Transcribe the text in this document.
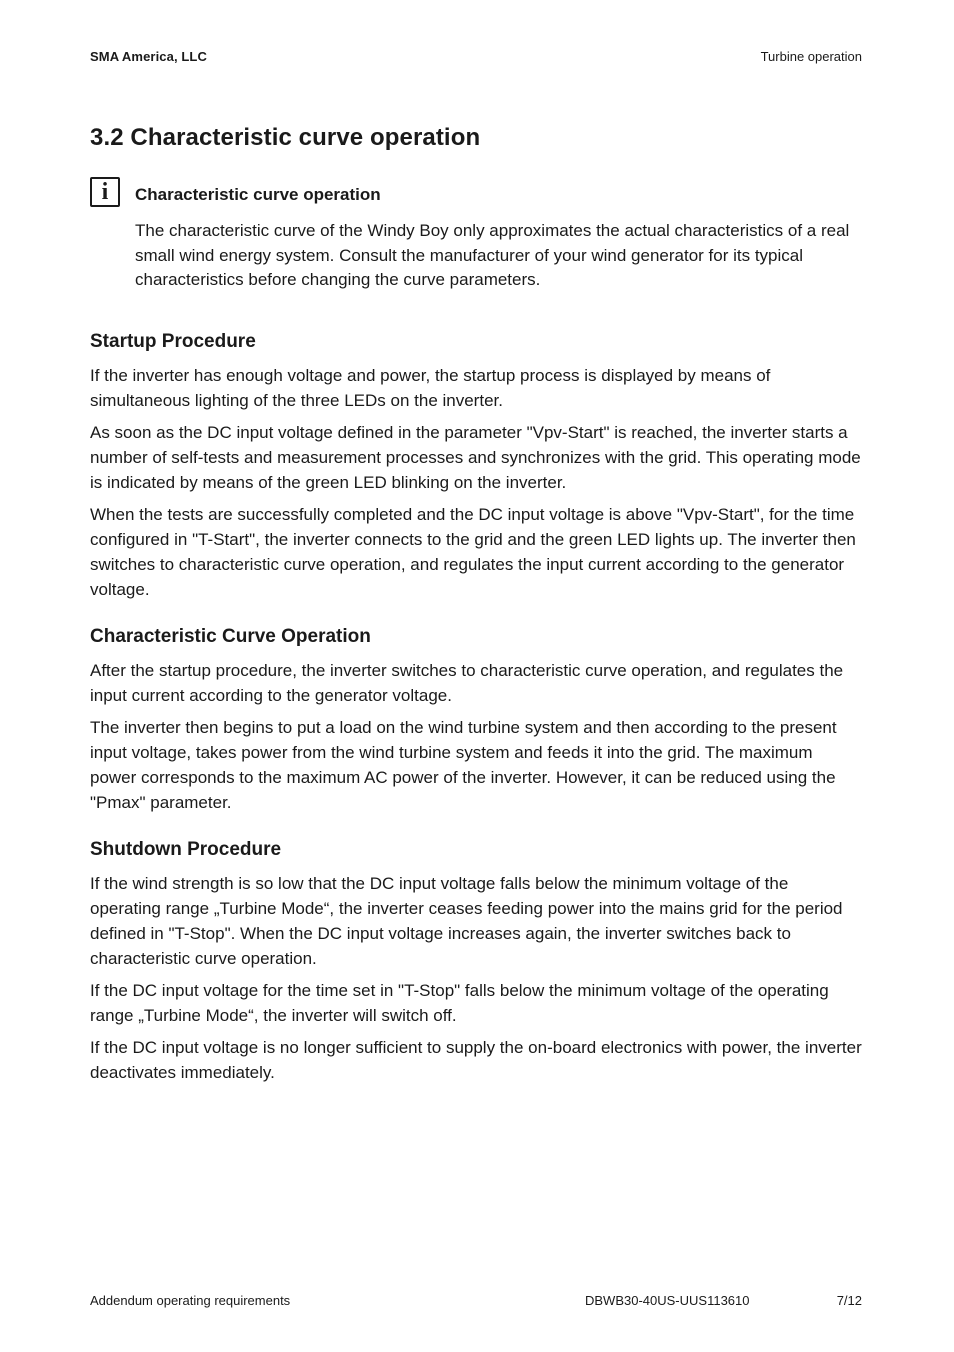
SMA America, LLC	Turbine operation
3.2 Characteristic curve operation
i	Characteristic curve operation

The characteristic curve of the Windy Boy only approximates the actual characteristics of a real small wind energy system. Consult the manufacturer of your wind generator for its typical characteristics before changing the curve parameters.

Startup Procedure

If the inverter has enough voltage and power, the startup process is displayed by means of simultaneous lighting of the three LEDs on the inverter.

As soon as the DC input voltage defined in the parameter "Vpv-Start" is reached, the inverter starts a number of self-tests and measurement processes and synchronizes with the grid. This operating mode is indicated by means of the green LED blinking on the inverter.

When the tests are successfully completed and the DC input voltage is above "Vpv-Start", for the time configured in "T-Start", the inverter connects to the grid and the green LED lights up. The inverter then switches to characteristic curve operation, and regulates the input current according to the generator voltage.

Characteristic Curve Operation

After the startup procedure, the inverter switches to characteristic curve operation, and regulates the input current according to the generator voltage.

The inverter then begins to put a load on the wind turbine system and then according to the present input voltage, takes power from the wind turbine system and feeds it into the grid. The maximum power corresponds to the maximum AC power of the inverter. However, it can be reduced using the "Pmax" parameter.

Shutdown Procedure

If the wind strength is so low that the DC input voltage falls below the minimum voltage of the operating range „Turbine Mode“, the inverter ceases feeding power into the mains grid for the period defined in "T-Stop". When the DC input voltage increases again, the inverter switches back to characteristic curve operation.

If the DC input voltage for the time set in "T-Stop" falls below the minimum voltage of the operating range „Turbine Mode“, the inverter will switch off.

If the DC input voltage is no longer sufficient to supply the on-board electronics with power, the inverter deactivates immediately.

Addendum operating requirements	DBWB30-40US-UUS113610	7/12
